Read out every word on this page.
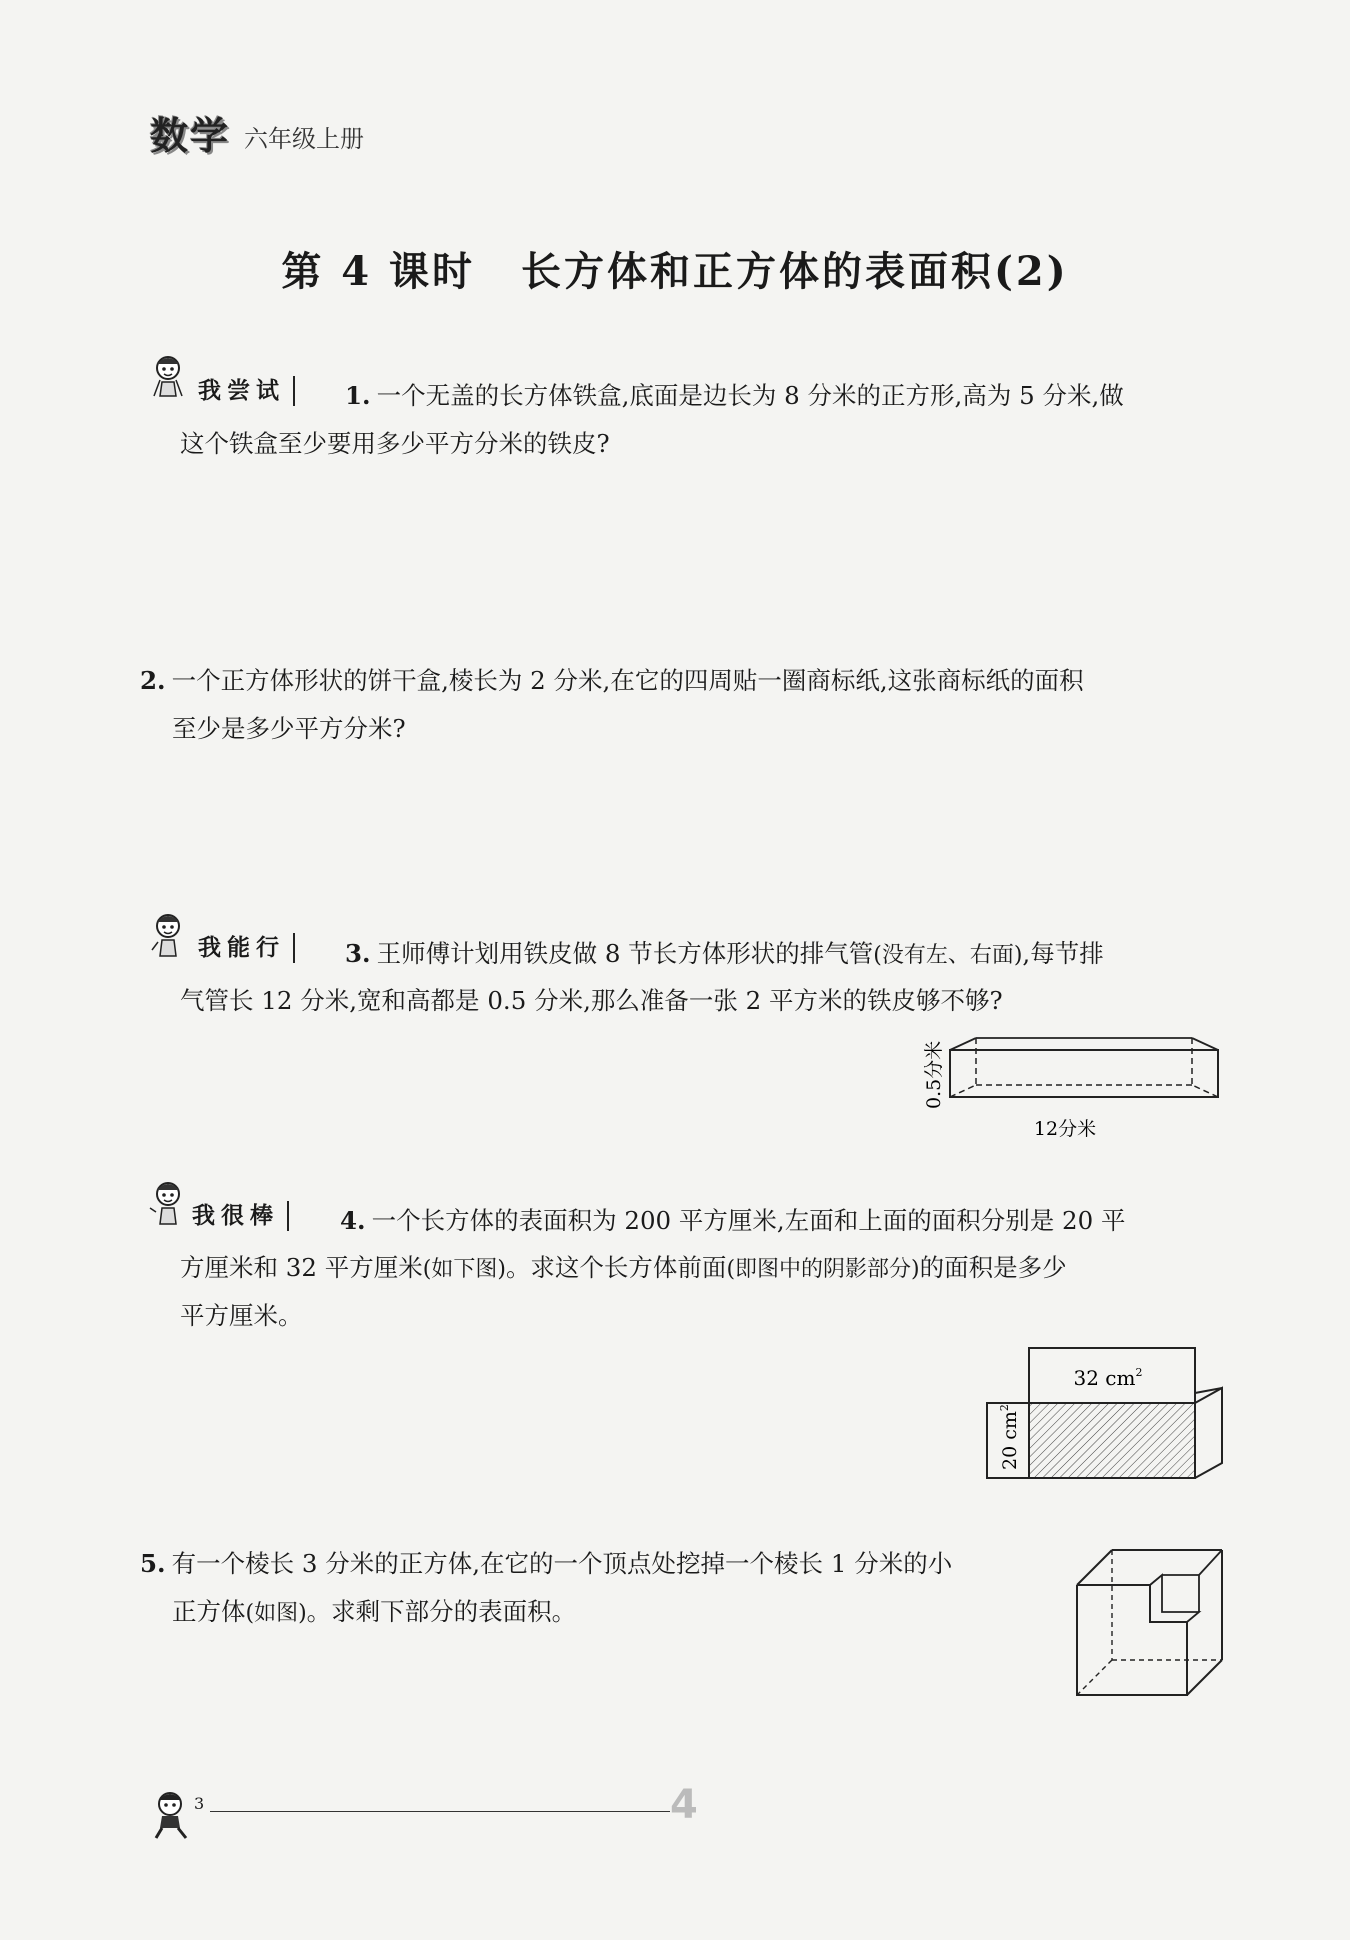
数学 六年级上册
第 4 课时 长方体和正方体的表面积(2)
我尝试	1. 一个无盖的长方体铁盒,底面是边长为 8 分米的正方形,高为 5 分米,做
这个铁盒至少要用多少平方分米的铁皮?
2. 一个正方体形状的饼干盒,棱长为 2 分米,在它的四周贴一圈商标纸,这张商标纸的面积
至少是多少平方分米?
我能行	3. 王师傅计划用铁皮做 8 节长方体形状的排气管(没有左、右面),每节排
气管长 12 分米,宽和高都是 0.5 分米,那么准备一张 2 平方米的铁皮够不够?
0.5分米
12分米
我很棒	4. 一个长方体的表面积为 200 平方厘米,左面和上面的面积分别是 20 平
方厘米和 32 平方厘米(如下图)。求这个长方体前面(即图中的阴影部分)的面积是多少
平方厘米。
32 $cm^2$
20 $cm^2$
5. 有一个棱长 3 分米的正方体,在它的一个顶点处挖掉一个棱长 1 分米的小
正方体(如图)。求剩下部分的表面积。
3	4
